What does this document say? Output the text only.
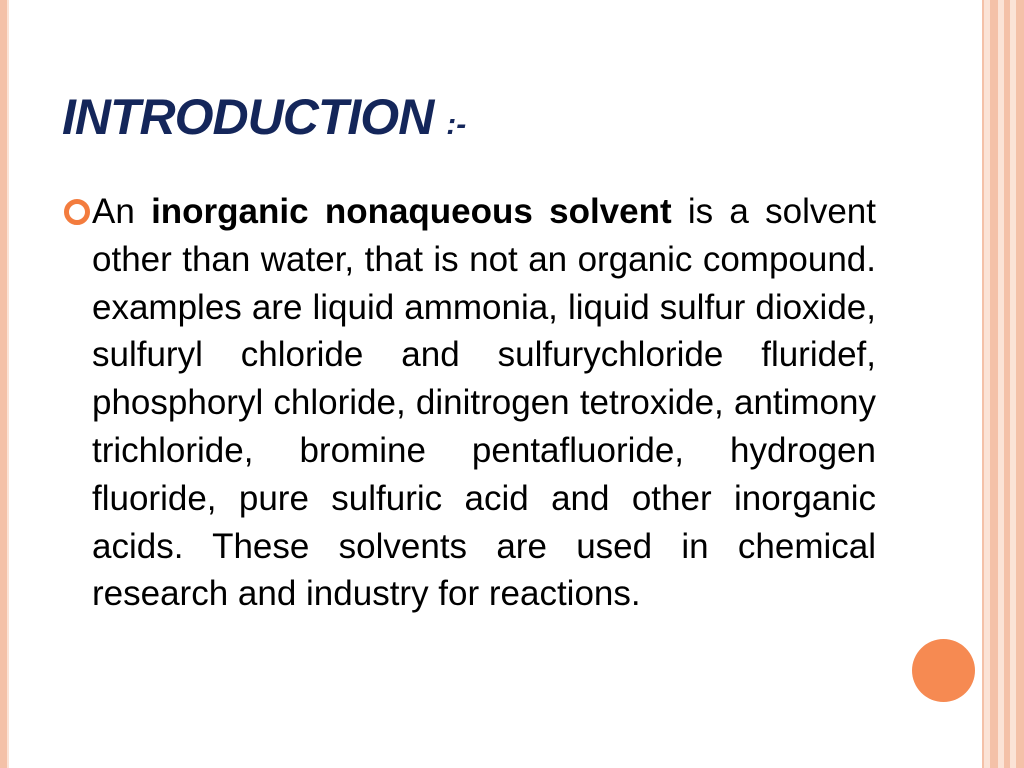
INTRODUCTION :-

An inorganic nonaqueous solvent is a solvent other than water, that is not an organic compound. examples are liquid ammonia, liquid sulfur dioxide, sulfuryl chloride and sulfurychloride fluridef, phosphoryl chloride, dinitrogen tetroxide, antimony trichloride, bromine pentafluoride, hydrogen fluoride, pure sulfuric acid and other inorganic acids. These solvents are used in chemical research and industry for reactions.
